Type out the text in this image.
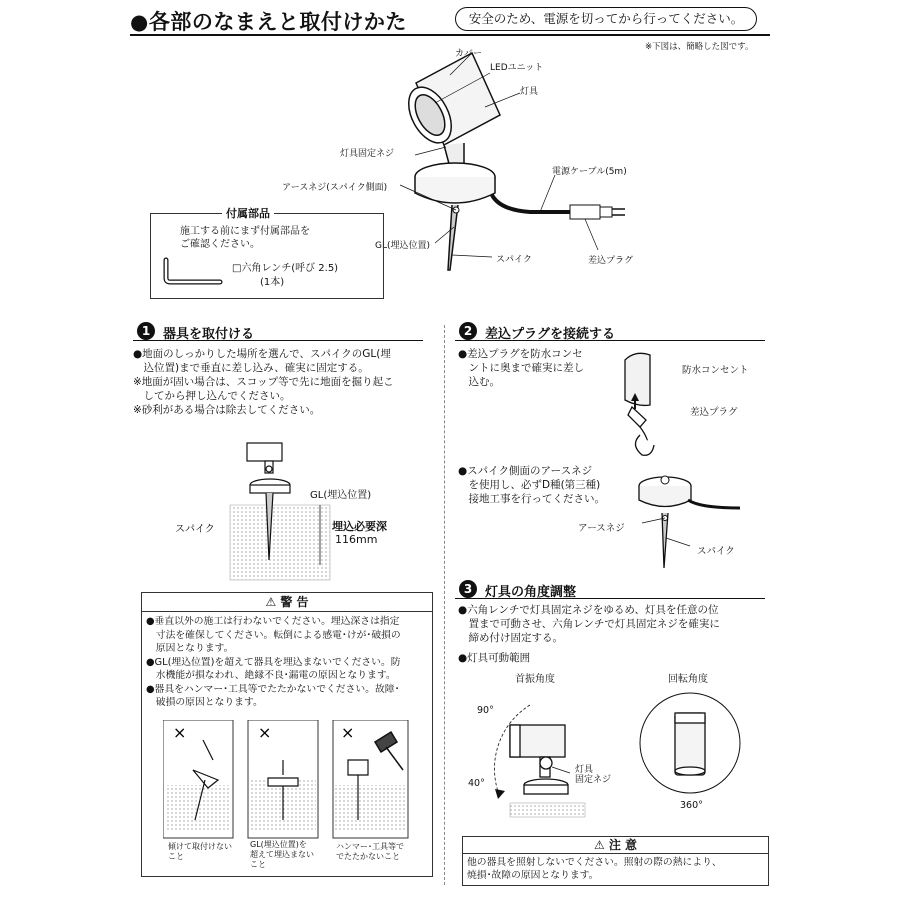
●各部のなまえと取付けかた	安全のため、電源を切ってから行ってください。
※下図は、簡略した図です。
カバー
LEDユニット
灯具
灯具固定ネジ
電源ケーブル(5m)
アースネジ(スパイク側面)
GL(埋込位置)
スパイク	差込プラグ
付属部品
施工する前にまず付属部品を
ご確認ください。
□六角レンチ(呼び 2.5)
(1本)
1 器具を取付ける
●地面のしっかりした場所を選んで、スパイクのGL(埋
　込位置)まで垂直に差し込み、確実に固定する。
※地面が固い場合は、スコップ等で先に地面を掘り起こ
　してから押し込んでください。
※砂利がある場合は除去してください。
GL(埋込位置)
スパイク	埋込必要深
116mm
⚠ 警 告
●垂直以外の施工は行わないでください。埋込深さは指定
　寸法を確保してください。転倒による感電･けが･破損の
　原因となります。
●GL(埋込位置)を超えて器具を埋込まないでください。防
　水機能が損なわれ、絶縁不良･漏電の原因となります。
●器具をハンマー･工具等でたたかないでください。故障･
　破損の原因となります。
×	×	×
傾けて取付けない
こと
GL(埋込位置)を
超えて埋込まない
こと
ハンマー･工具等で
でたたかないこと
2 差込プラグを接続する
●差込プラグを防水コンセ
　ントに奥まで確実に差し
　込む。
防水コンセント
差込プラグ
●スパイク側面のアースネジ
　を使用し、必ずD種(第三種)
　接地工事を行ってください。
アースネジ
スパイク
3 灯具の角度調整
●六角レンチで灯具固定ネジをゆるめ、灯具を任意の位
　置まで可動させ、六角レンチで灯具固定ネジを確実に
　締め付け固定する。
●灯具可動範囲
首振角度	回転角度
90°
40°
灯具
固定ネジ
360°
⚠ 注 意
他の器具を照射しないでください。照射の際の熱により、
焼損･故障の原因となります。
